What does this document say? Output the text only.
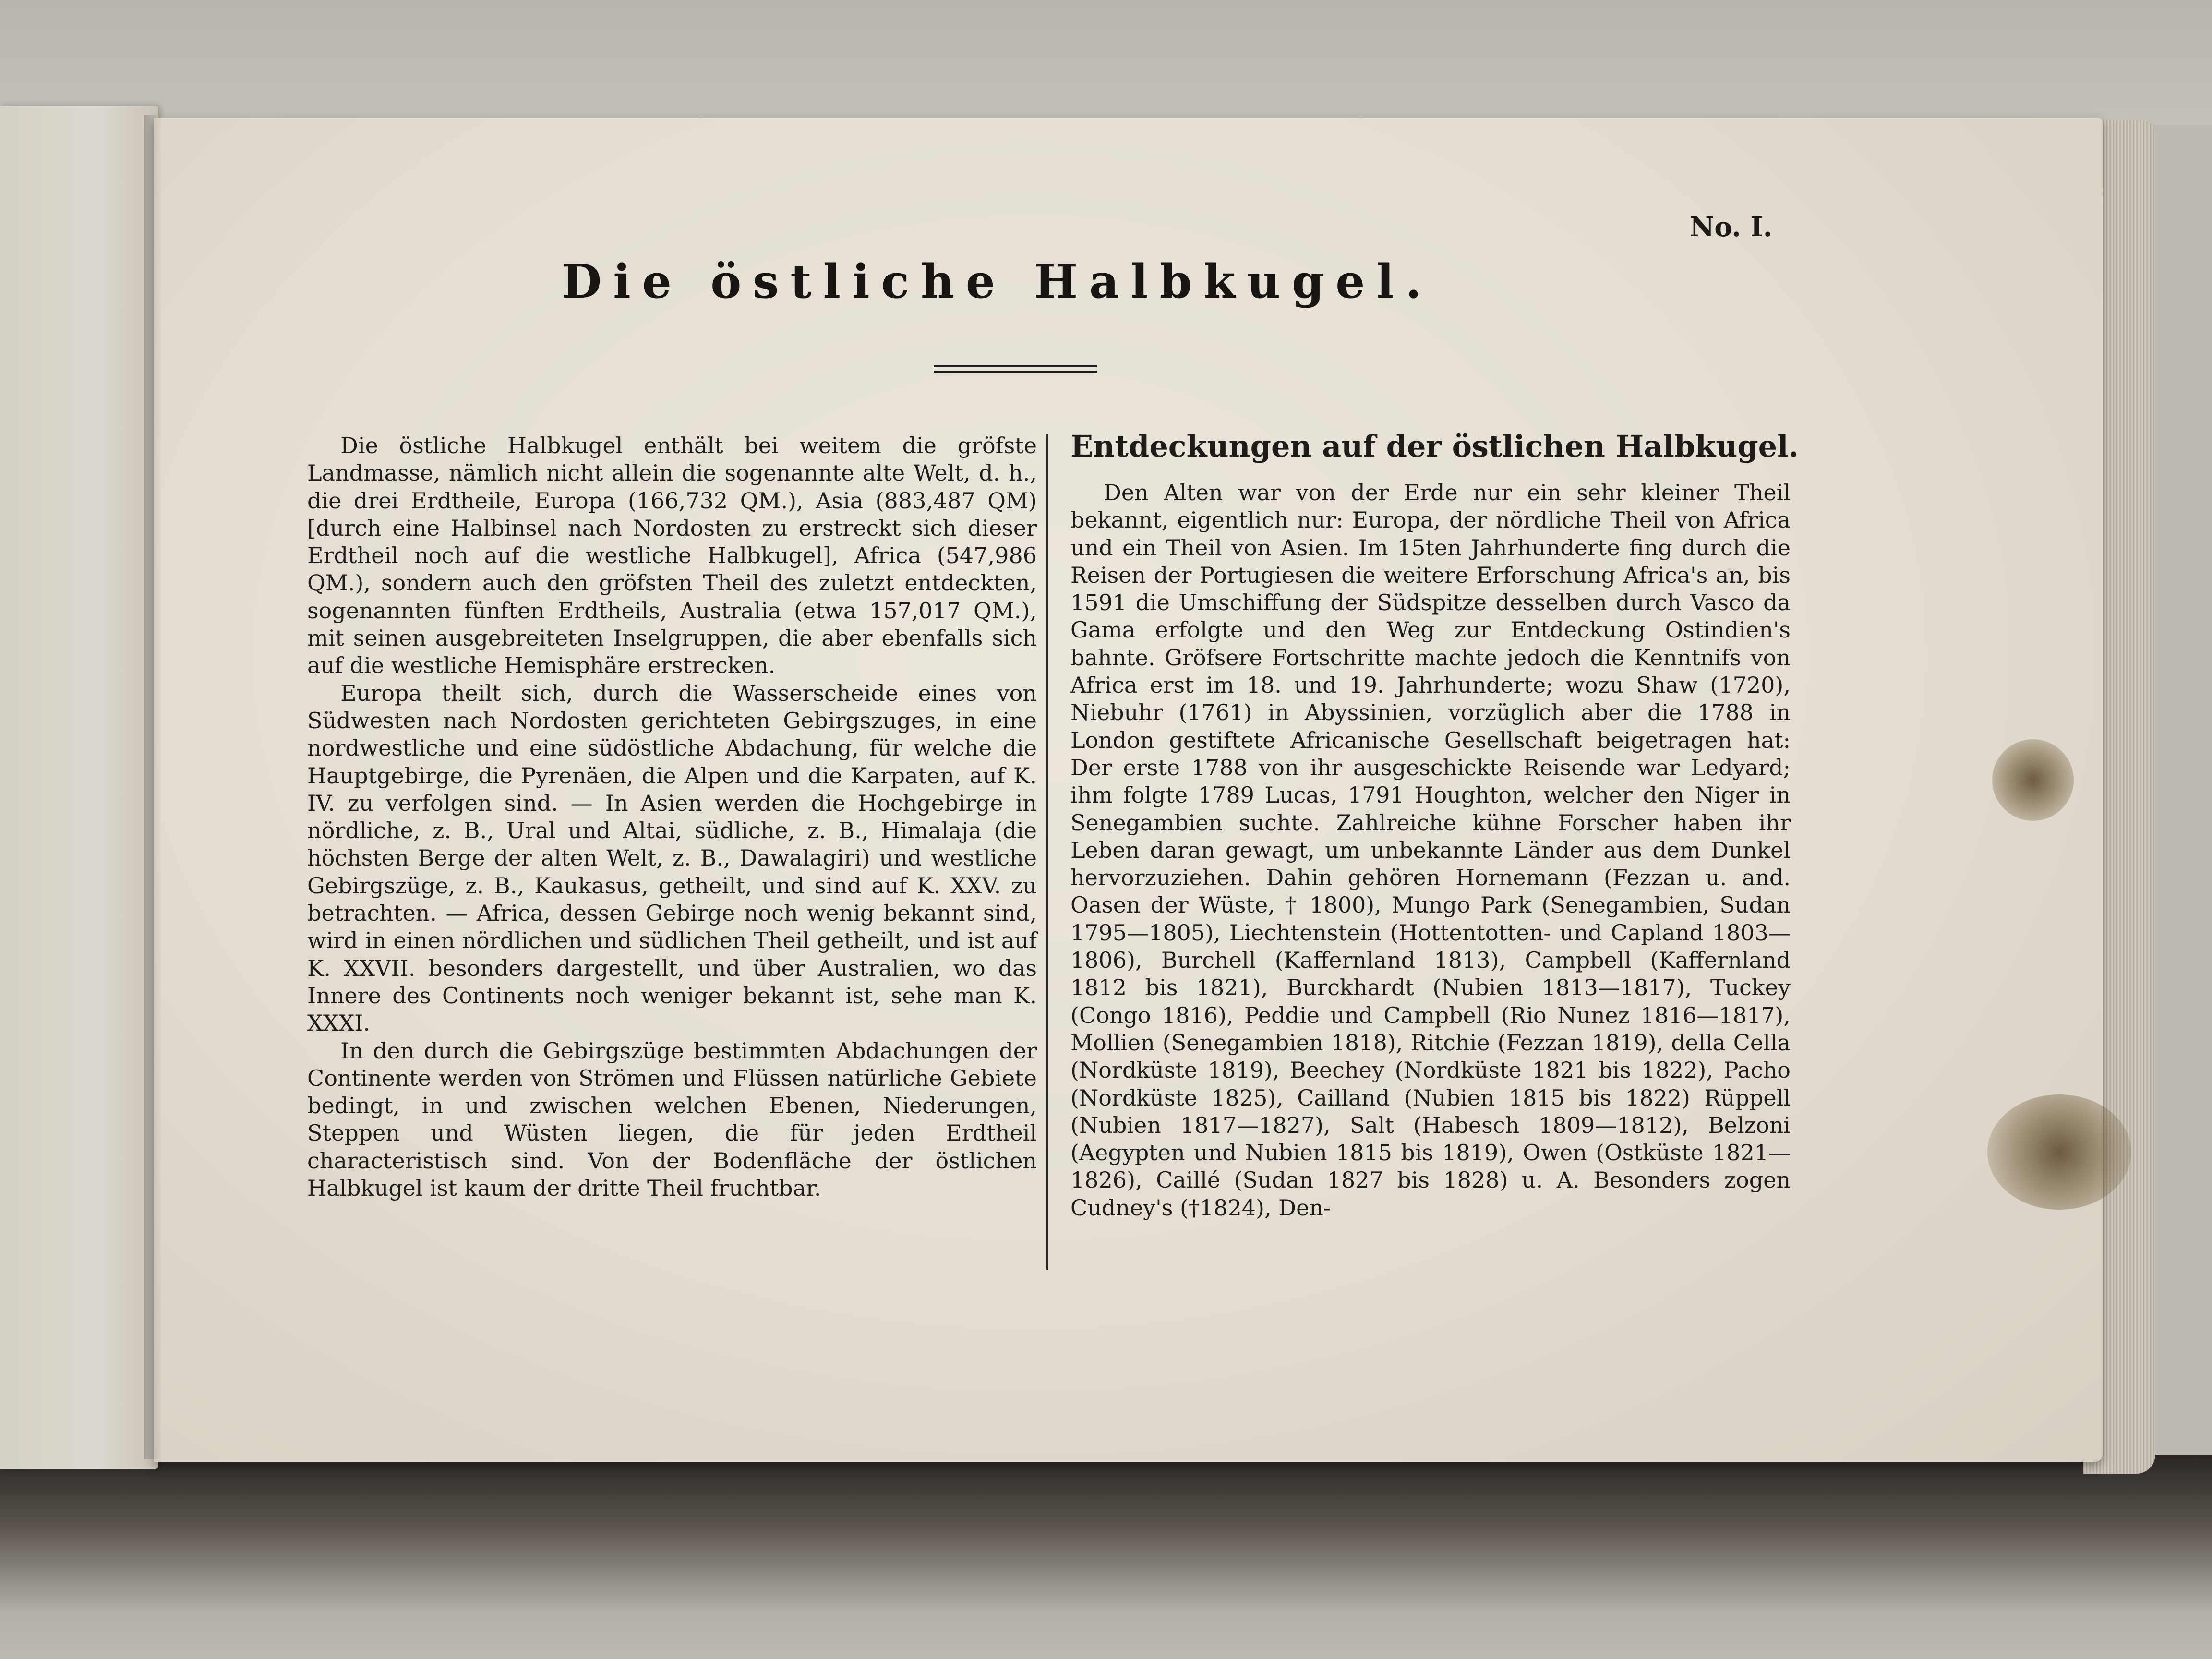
No. I.

Die östliche Halbkugel.

Die östliche Halbkugel enthält bei weitem die gröfste Landmasse, nämlich nicht allein die sogenannte alte Welt, d. h., die drei Erdtheile, Europa (166,732 QM.), Asia (883,487 QM) [durch eine Halbinsel nach Nordosten zu erstreckt sich dieser Erdtheil noch auf die westliche Halbkugel], Africa (547,986 QM.), sondern auch den gröfsten Theil des zuletzt entdeckten, sogenannten fünften Erdtheils, Australia (etwa 157,017 QM.), mit seinen ausgebreiteten Inselgruppen, die aber ebenfalls sich auf die westliche Hemisphäre erstrecken.

Europa theilt sich, durch die Wasserscheide eines von Südwesten nach Nordosten gerichteten Gebirgszuges, in eine nordwestliche und eine südöstliche Abdachung, für welche die Hauptgebirge, die Pyrenäen, die Alpen und die Karpaten, auf K. IV. zu verfolgen sind. — In Asien werden die Hochgebirge in nördliche, z. B., Ural und Altai, südliche, z. B., Himalaja (die höchsten Berge der alten Welt, z. B., Dawalagiri) und westliche Gebirgszüge, z. B., Kaukasus, getheilt, und sind auf K. XXV. zu betrachten. — Africa, dessen Gebirge noch wenig bekannt sind, wird in einen nördlichen und südlichen Theil getheilt, und ist auf K. XXVII. besonders dargestellt, und über Australien, wo das Innere des Continents noch weniger bekannt ist, sehe man K. XXXI.

In den durch die Gebirgszüge bestimmten Abdachungen der Continente werden von Strömen und Flüssen natürliche Gebiete bedingt, in und zwischen welchen Ebenen, Niederungen, Steppen und Wüsten liegen, die für jeden Erdtheil characteristisch sind. Von der Bodenfläche der östlichen Halbkugel ist kaum der dritte Theil fruchtbar.

Entdeckungen auf der östlichen Halbkugel.

Den Alten war von der Erde nur ein sehr kleiner Theil bekannt, eigentlich nur: Europa, der nördliche Theil von Africa und ein Theil von Asien. Im 15ten Jahrhunderte fing durch die Reisen der Portugiesen die weitere Erforschung Africa's an, bis 1591 die Umschiffung der Südspitze desselben durch Vasco da Gama erfolgte und den Weg zur Entdeckung Ostindien's bahnte. Gröfsere Fortschritte machte jedoch die Kenntnifs von Africa erst im 18. und 19. Jahrhunderte; wozu Shaw (1720), Niebuhr (1761) in Abyssinien, vorzüglich aber die 1788 in London gestiftete Africanische Gesellschaft beigetragen hat: Der erste 1788 von ihr ausgeschickte Reisende war Ledyard; ihm folgte 1789 Lucas, 1791 Houghton, welcher den Niger in Senegambien suchte. Zahlreiche kühne Forscher haben ihr Leben daran gewagt, um unbekannte Länder aus dem Dunkel hervorzuziehen. Dahin gehören Hornemann (Fezzan u. and. Oasen der Wüste, † 1800), Mungo Park (Senegambien, Sudan 1795—1805), Liechtenstein (Hottentotten- und Capland 1803—1806), Burchell (Kaffernland 1813), Campbell (Kaffernland 1812 bis 1821), Burckhardt (Nubien 1813—1817), Tuckey (Congo 1816), Peddie und Campbell (Rio Nunez 1816—1817), Mollien (Senegambien 1818), Ritchie (Fezzan 1819), della Cella (Nordküste 1819), Beechey (Nordküste 1821 bis 1822), Pacho (Nordküste 1825), Cailland (Nubien 1815 bis 1822) Rüppell (Nubien 1817—1827), Salt (Habesch 1809—1812), Belzoni (Aegypten und Nubien 1815 bis 1819), Owen (Ostküste 1821—1826), Caillé (Sudan 1827 bis 1828) u. A. Besonders zogen Cudney's (†1824), Den-
